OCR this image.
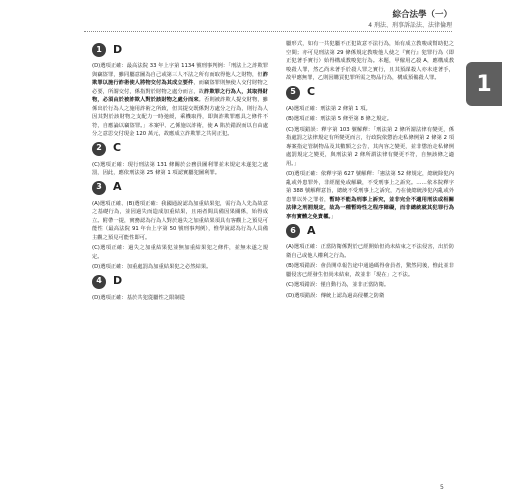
綜合法學（一）
4 刑法、刑事訴訟法、法律倫理
1
1	D

(D)選項正確：最高法院 33 年上字第 1134 號刑事判例：「刑法上之詐欺罪與竊盜罪，雖同屬意圖為自己或第三人不法之所有而取得他人之財物，但詐欺罪以施行詐術使人將物交付為其成立要件，而竊盜罪則無使人交付財物之必要，所謂交付，係指對於財物之處分而言，故詐欺罪之行為人，其取得財物，必須由於被詐欺人對於該財物之處分而來。否則被詐欺人提交財物，雖係出於行為人之施用詐術之所致，但其提交既係對方處分之行為，則行為人因其對於該財物之支配力一時弛緩，乘機取得，即與詐欺罪應具之條件不符，自應論以竊盜罪。」本案甲、乙係施以詐術，使 A 陷於錯誤而以自由處分之意思交付現金 120 萬元，故應成立詐欺罪之共同正犯。

2	C

(C)選項正確：現行刑法第 131 條關於公務員圖利罪並未規定未遂犯之處罰，因此，應依刑法第 25 條第 1 項認實屬犯圖利罪。

3	A

(A)選項正確、(B)選項正確：我國通說認為加重結果犯，需行為人先為故意之基礎行為，並因過失而造成加重結果，且兩者間具備因果關係，始得成立。附帶一提，實務認為行為人對於過失之加重結果須具有客觀上之預見可能性（最高法院 91 年台上字第 50 號刑事判例），惟學說認為行為人具備主觀之預見可能性即可。

(C)選項正確：過失之加重結果犯並無加重結果犯之條件，並無未遂之規定。

(D)選項正確：加重處罰為加重結果犯之必然結果。

4	D

(D)選項正確：基於共犯從屬性之限制從

屬形式，如有一共犯屬不正犯故意不法行為，始有成立教唆或幫助犯之空間；亦可見刑法第 29 條係規定教唆他人使之『實行』犯罪行為（即正犯著手實行）始得構成教唆犯行為。本題，甲僱用乙殺 A，應構成教唆殺人罪，然乙尚未著手於殺人罪之實行，且其預謀殺人亦未達著手，故甲應無罪，乙則因購買犯罪所需之物品行為，構成預備殺人罪。

5	C

(A)選項正確：刑法第 2 條第 1 項。

(B)選項正確：刑法第 5 條至第 8 條之規定。

(C)選項錯誤：釋字第 103 號解釋：「刑法第 2 條所謂法律有變更，係指處罰之法律規定有所變更而言，行政院依懲治走私條例第 2 條第 2 項專案指定管制物品及其數額之公告，其內容之變更，並非懲治走私條例處罰規定之變更，與刑法第 2 條所謂法律有變更不符，自無該條之適用。」

(D)選項正確：依釋字第 627 號解釋：「憲法第 52 條規定，總統除犯內亂或外患罪外，非經罷免或解職，不受刑事上之訴究。……依本院釋字第 388 號解釋意旨，總統不受刑事上之訴究，乃在使總統涉犯內亂或外患罪以外之罪者，暫時不能為刑事上訴究，並非完全不適用刑法或相關法律之刑罰規定，故為一種暫時性之程序障礙，而非總統就其犯罪行為享有實體之免責權。」

6	A

(A)選項正確：正當防衛係對於已經開始但尚未結束之不法侵害，出於防衛自己或他人權利之行為。

(B)選項錯誤：會員開卓報告途中通過碼得會員者，驚然同後，惟此並非屬侵害已經發生但尚未結束，故並非「現在」之不法。

(C)選項錯誤：僅自動行為，並非正當防衛。

(D)選項錯誤：傳統上認為過高侵權之防衛

5
